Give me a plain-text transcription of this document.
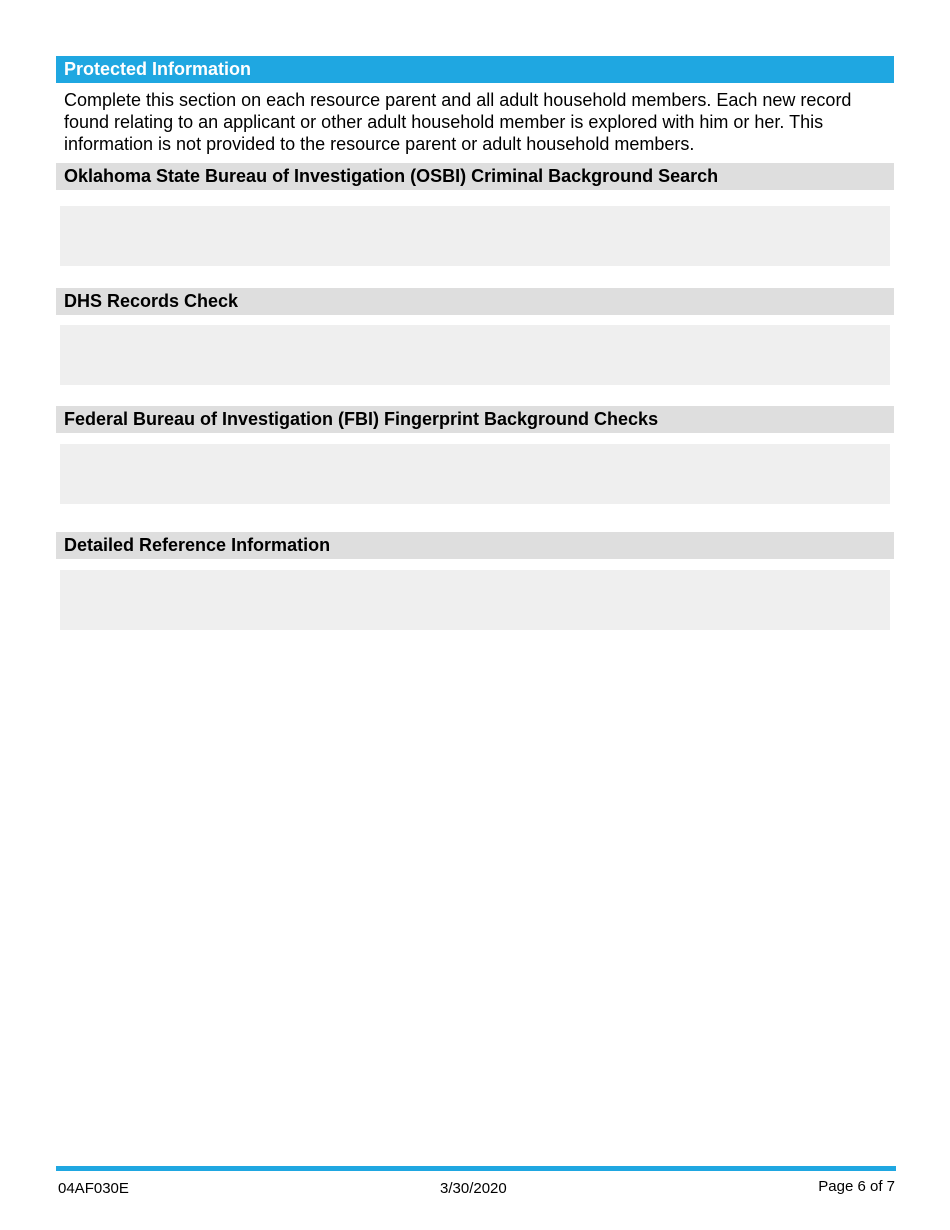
Protected Information
Complete this section on each resource parent and all adult household members. Each new record found relating to an applicant or other adult household member is explored with him or her. This information is not provided to the resource parent or adult household members.
Oklahoma State Bureau of Investigation (OSBI) Criminal Background Search
DHS Records Check
Federal Bureau of Investigation (FBI) Fingerprint Background Checks
Detailed Reference Information
04AF030E	3/30/2020	Page 6 of 7
